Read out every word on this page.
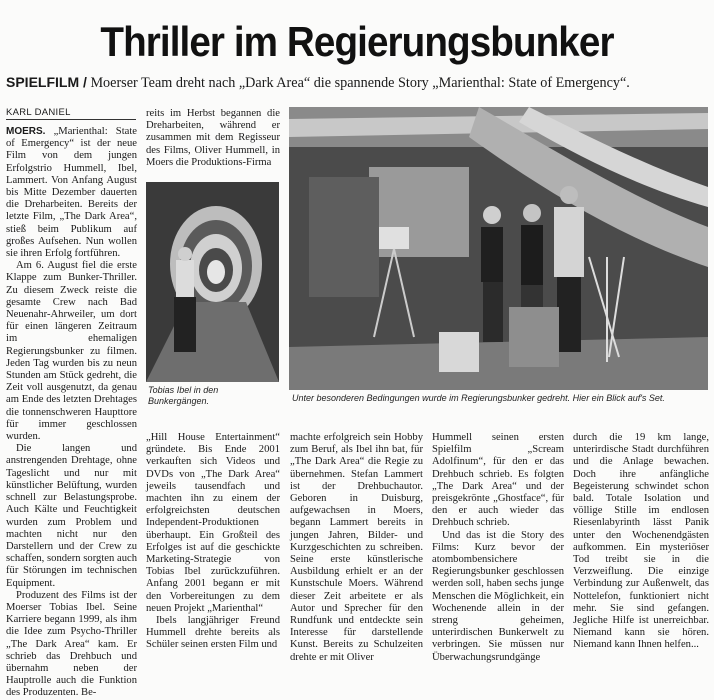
Thriller im Regierungsbunker
SPIELFILM / Moerser Team dreht nach „Dark Area“ die spannende Story „Marienthal: State of Emergency“.
KARL DANIEL

MOERS. „Marienthal: State of Emergency“ ist der neue Film von dem jungen Erfolgstrio Hummell, Ibel, Lammert. Von Anfang August bis Mitte Dezember dauerten die Dreharbeiten. Bereits der letzte Film, „The Dark Area“, stieß beim Publikum auf großes Aufsehen. Nun wollen sie ihren Erfolg fortführen.

Am 6. August fiel die erste Klappe zum Bunker-Thriller. Zu diesem Zweck reiste die gesamte Crew nach Bad Neuenahr-Ahrweiler, um dort für einen längeren Zeitraum im ehemaligen Regierungsbunker zu filmen. Jeden Tag wurden bis zu neun Stunden am Stück gedreht, die Zeit voll ausgenutzt, da genau am Ende des letzten Drehtages die tonnenschweren Haupttore für immer geschlossen wurden.

Die langen und anstrengenden Drehtage, ohne Tageslicht und nur mit künstlicher Belüftung, wurden schnell zur Belastungsprobe. Auch Kälte und Feuchtigkeit wurden zum Problem und machten nicht nur den Darstellern und der Crew zu schaffen, sondern sorgten auch für Störungen im technischen Equipment.

Produzent des Films ist der Moerser Tobias Ibel. Seine Karriere begann 1999, als ihm die Idee zum Psycho-Thriller „The Dark Area“ kam. Er schrieb das Drehbuch und übernahm neben der Hauptrolle auch die Funktion des Produzenten. Be-

reits im Herbst begannen die Dreharbeiten, während er zusammen mit dem Regisseur des Films, Oliver Hummell, in Moers die Produktions-Firma

Tobias Ibel in den Bunkergängen.	Unter besonderen Bedingungen wurde im Regierungsbunker gedreht. Hier ein Blick auf's Set.

„Hill House Entertainment“ gründete. Bis Ende 2001 verkauften sich Videos und DVDs von „The Dark Area“ jeweils tausendfach und machten ihn zu einem der erfolgreichsten deutschen Independent-Produktionen überhaupt. Ein Großteil des Erfolges ist auf die geschickte Marketing-Strategie von Tobias Ibel zurückzuführen. Anfang 2001 begann er mit den Vorbereitungen zu dem neuen Projekt „Marienthal“

Ibels langjähriger Freund Hummell drehte bereits als Schüler seinen ersten Film und

machte erfolgreich sein Hobby zum Beruf, als Ibel ihn bat, für „The Dark Area“ die Regie zu übernehmen. Stefan Lammert ist der Drehbuchautor. Geboren in Duisburg, aufgewachsen in Moers, begann Lammert bereits in jungen Jahren, Bilder- und Kurzgeschichten zu schreiben. Seine erste künstlerische Ausbildung erhielt er an der Kunstschule Moers. Während dieser Zeit arbeitete er als Autor und Sprecher für den Rundfunk und entdeckte sein Interesse für darstellende Kunst. Bereits zu Schulzeiten drehte er mit Oliver

Hummell seinen ersten Spielfilm „Scream Adolfinum“, für den er das Drehbuch schrieb. Es folgten „The Dark Area“ und der preisgekrönte „Ghostface“, für den er auch wieder das Drehbuch schrieb.

Und das ist die Story des Films: Kurz bevor der atombombensichere Regierungsbunker geschlossen werden soll, haben sechs junge Menschen die Möglichkeit, ein Wochenende allein in der streng geheimen, unterirdischen Bunkerwelt zu verbringen. Sie müssen nur Überwachungsrundgänge

durch die 19 km lange, unterirdische Stadt durchführen und die Anlage bewachen. Doch ihre anfängliche Begeisterung schwindet schon bald. Totale Isolation und völlige Stille im endlosen Riesenlabyrinth lässt Panik unter den Wochenendgästen aufkommen. Ein mysteriöser Tod treibt sie in die Verzweiflung. Die einzige Verbindung zur Außenwelt, das Nottelefon, funktioniert nicht mehr. Sie sind gefangen. Jegliche Hilfe ist unerreichbar. Niemand kann sie hören. Niemand kann Ihnen helfen...
